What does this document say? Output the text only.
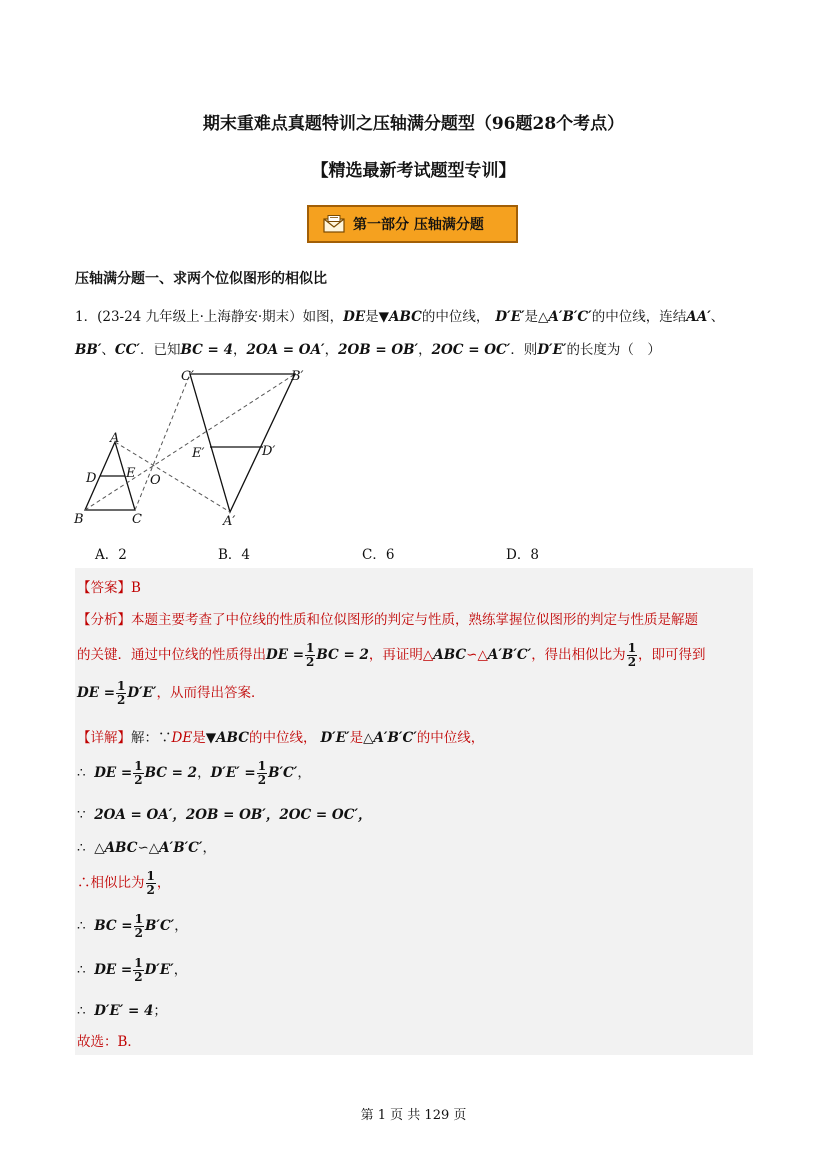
期末重难点真题特训之压轴满分题型（96题28个考点）
【精选最新考试题型专训】
第一部分 压轴满分题
压轴满分题一、求两个位似图形的相似比
1．(23-24 九年级上·上海静安·期末）如图，DE是▼ABC的中位线， D′E′是△A′B′C′的中位线，连结AA′、
BB′、CC′．已知BC = 4，2OA = OA′，2OB = OB′，2OC = OC′．则D′E′的长度为（　）
A
B	C
D E O
A′
B′
C′
D′
E′
A．2	B．4	C．6	D．8
【答案】B
【分析】本题主要考查了中位线的性质和位似图形的判定与性质，熟练掌握位似图形的判定与性质是解题
的关键．通过中位线的性质得出DE = $\frac{1}{2}$ BC = 2，再证明△ABC∽△A′B′C′，得出相似比为 $\frac{1}{2}$ ，即可得到
DE = $\frac{1}{2} D'E'$，从而得出答案．
【详解】解：∵DE是▼ABC的中位线， D′E′是△A′B′C′的中位线，
∴ DE = $\frac{1}{2}$ BC = 2，$D'E' = \frac{1}{2} B'C'$，
∵ 2OA = OA′，2OB = OB′，2OC = OC′，
∴ △ABC∽△A′B′C′，
∴相似比为 $\frac{1}{2}$ ，
∴ BC = $\frac{1}{2} B'C'$，
∴ DE = $\frac{1}{2} D'E'$，
∴ D′E′ = 4；
故选：B．
第 1 页 共 129 页
